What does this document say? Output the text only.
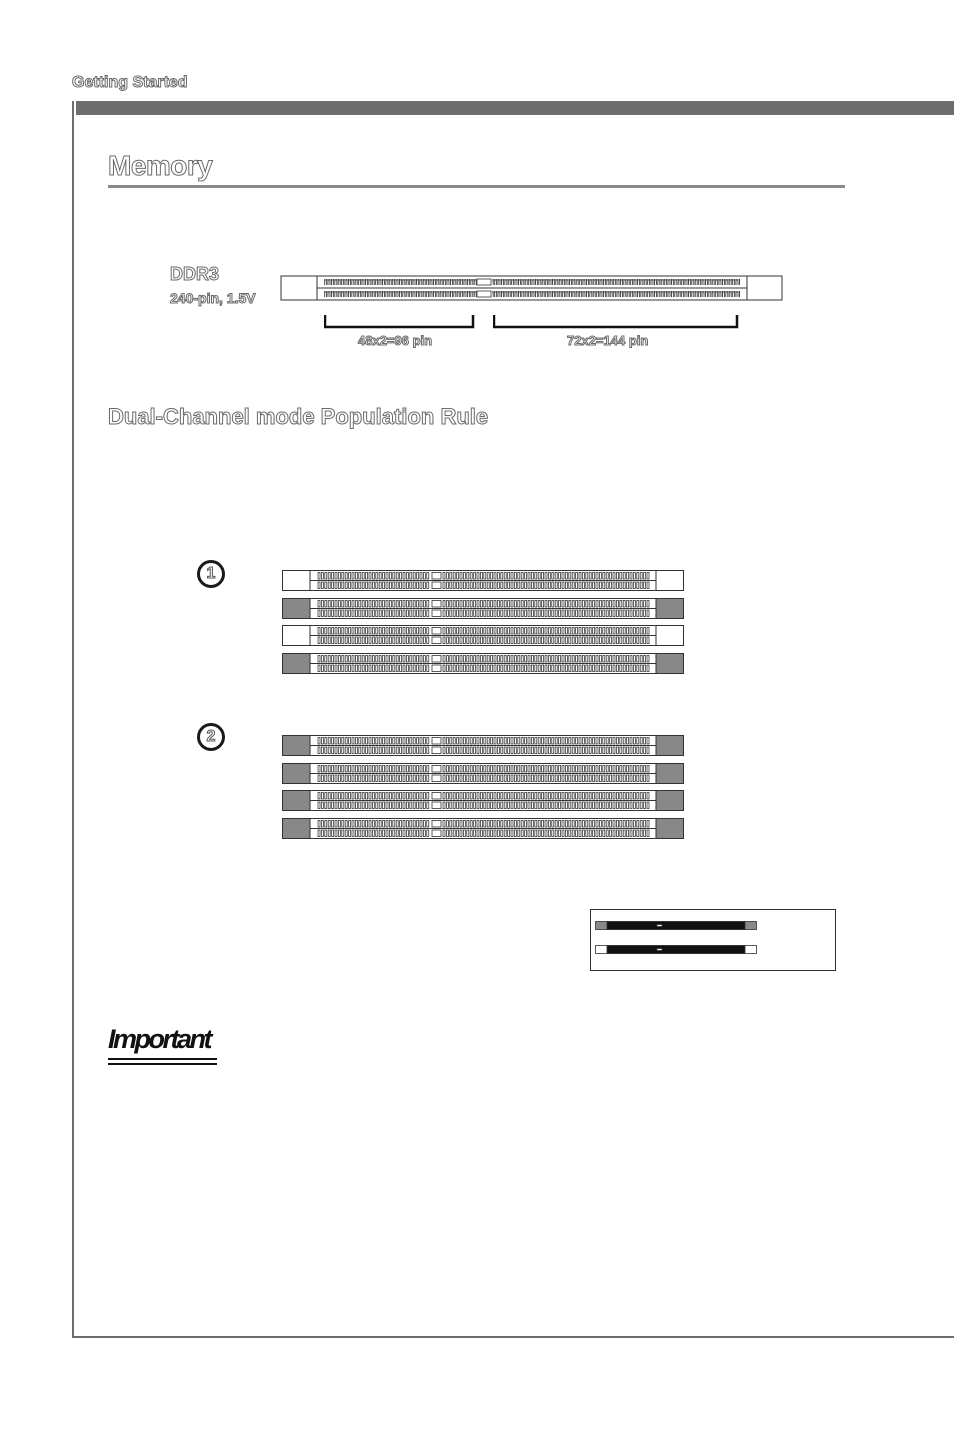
Getting Started
Memory
DDR3
240-pin, 1.5V
48x2=96 pin	72x2=144 pin
Dual-Channel mode Population Rule
1
2
Important
